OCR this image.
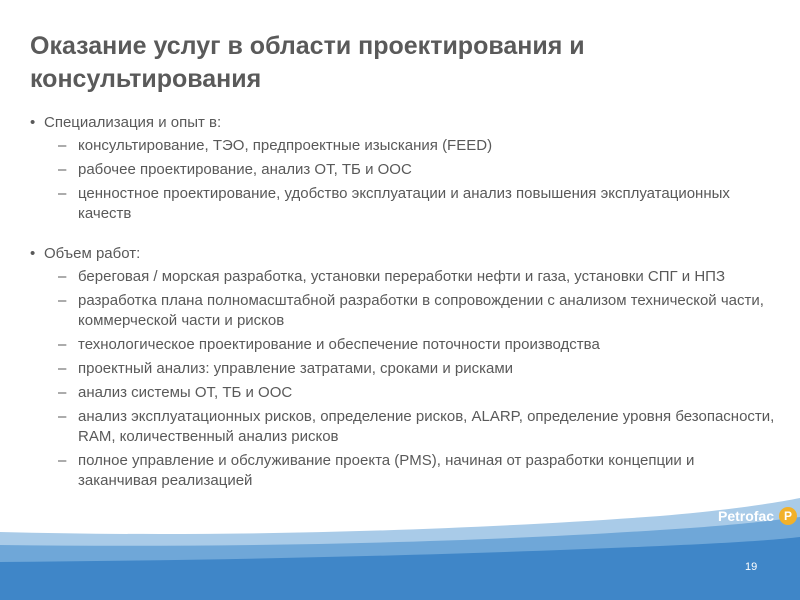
Оказание услуг в области проектирования и консультирования
• Специализация и опыт в:
– консультирование, ТЭО, предпроектные изыскания (FEED)
– рабочее проектирование, анализ ОТ, ТБ и ООС
– ценностное проектирование, удобство эксплуатации и анализ повышения эксплуатационных качеств
• Объем работ:
– береговая / морская разработка, установки переработки нефти и газа, установки СПГ и НПЗ
– разработка плана полномасштабной разработки в сопровождении с анализом технической части, коммерческой части и рисков
– технологическое проектирование и обеспечение поточности производства
– проектный анализ: управление затратами, сроками и рисками
– анализ системы ОТ, ТБ и ООС
– анализ эксплуатационных рисков, определение рисков, ALARP, определение уровня безопасности, RAM, количественный анализ рисков
– полное управление и обслуживание проекта (PMS), начиная от разработки концепции и заканчивая реализацией
Petrofac P
19
